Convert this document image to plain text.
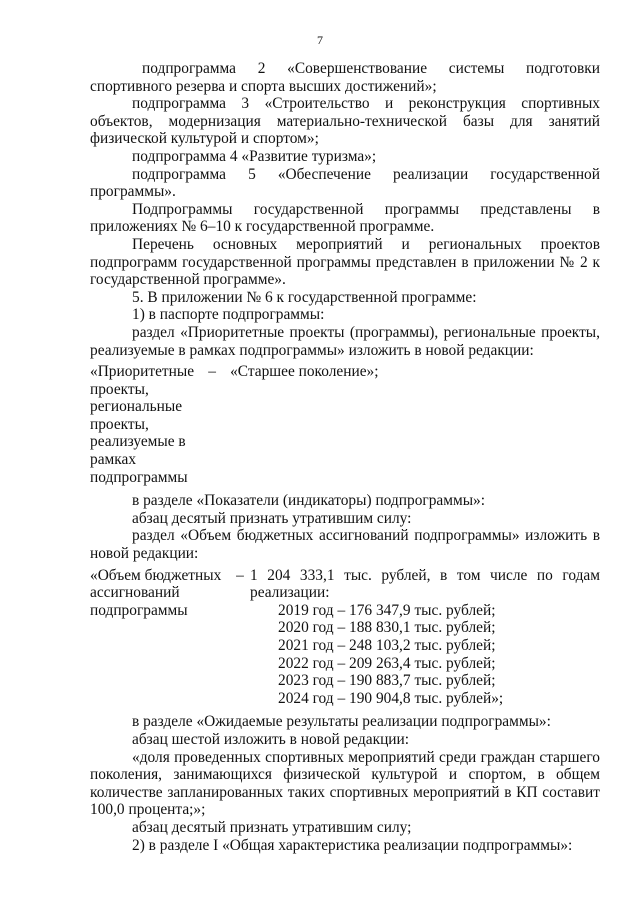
7

подпрограмма 2 «Совершенствование системы подготовки спортивного резерва и спорта высших достижений»;

подпрограмма 3 «Строительство и реконструкция спортивных объектов, модернизация материально-технической базы для занятий физической культурой и спортом»;

подпрограмма 4 «Развитие туризма»;

подпрограмма 5 «Обеспечение реализации государственной программы».

Подпрограммы государственной программы представлены в приложениях № 6–10 к государственной программе.

Перечень основных мероприятий и региональных проектов подпрограмм государственной программы представлен в приложении № 2 к государственной программе».

5. В приложении № 6 к государственной программе:

1) в паспорте подпрограммы:

раздел «Приоритетные проекты (программы), региональные проекты, реализуемые в рамках подпрограммы» изложить в новой редакции:

«Приоритетные проекты, региональные проекты, реализуемые в рамках подпрограммы	–	«Старшее поколение»;

в разделе «Показатели (индикаторы) подпрограммы»:

абзац десятый признать утратившим силу:

раздел «Объем бюджетных ассигнований подпрограммы» изложить в новой редакции:

«Объем бюджетных ассигнований подпрограммы	–	1 204 333,1 тыс. рублей, в том числе по годам реализации:
2019 год – 176 347,9 тыс. рублей;
2020 год – 188 830,1 тыс. рублей;
2021 год – 248 103,2 тыс. рублей;
2022 год – 209 263,4 тыс. рублей;
2023 год – 190 883,7 тыс. рублей;
2024 год – 190 904,8 тыс. рублей»;

в разделе «Ожидаемые результаты реализации подпрограммы»:

абзац шестой изложить в новой редакции:

«доля проведенных спортивных мероприятий среди граждан старшего поколения, занимающихся физической культурой и спортом, в общем количестве запланированных таких спортивных мероприятий в КП составит 100,0 процента;»;

абзац десятый признать утратившим силу;

2) в разделе I «Общая характеристика реализации подпрограммы»:
